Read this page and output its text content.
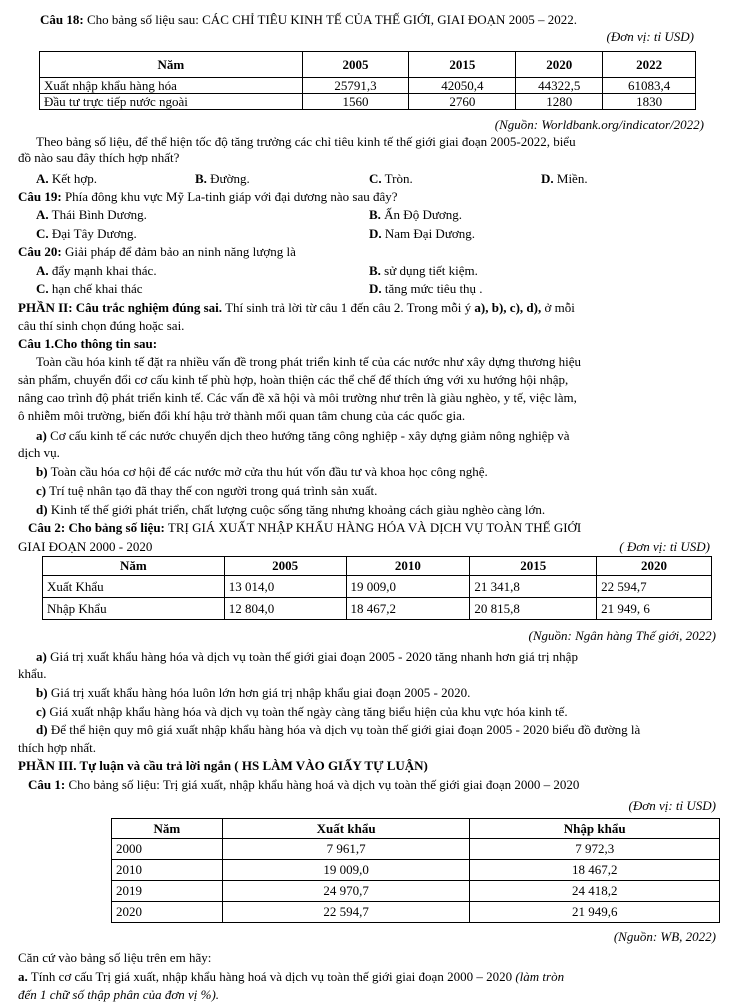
Câu 18: Cho bảng số liệu sau: CÁC CHỈ TIÊU KINH TẾ CỦA THẾ GIỚI, GIAI ĐOẠN 2005 – 2022.
(Đơn vị: tỉ USD)
Năm	2005	2015	2020	2022
Xuất nhập khẩu hàng hóa	25791,3	42050,4	44322,5	61083,4
Đầu tư trực tiếp nước ngoài	1560	2760	1280	1830
(Nguồn: Worldbank.org/indicator/2022)
Theo bảng số liệu, để thể hiện tốc độ tăng trưởng các chỉ tiêu kinh tế thế giới giai đoạn 2005-2022, biểu
đồ nào sau đây thích hợp nhất?
A. Kết hợp.	B. Đường.	C. Tròn.	D. Miền.
Câu 19: Phía đông khu vực Mỹ La-tinh giáp với đại dương nào sau đây?
A. Thái Bình Dương.	B. Ấn Độ Dương.
C. Đại Tây Dương.	D. Nam Đại Dương.
Câu 20: Giải pháp để đảm bảo an ninh năng lượng là
A. đẩy mạnh khai thác.	B. sử dụng tiết kiệm.
C. hạn chế khai thác	D. tăng mức tiêu thụ .
PHẦN II: Câu trắc nghiệm đúng sai. Thí sinh trả lời từ câu 1 đến câu 2. Trong mỗi ý a), b), c), d), ở mỗi
câu thí sinh chọn đúng hoặc sai.
Câu 1.Cho thông tin sau:
Toàn cầu hóa kinh tế đặt ra nhiều vấn đề trong phát triển kinh tế của các nước như xây dựng thương hiệu
sản phẩm, chuyển đổi cơ cấu kinh tế phù hợp, hoàn thiện các thể chế để thích ứng với xu hướng hội nhập,
nâng cao trình độ phát triển kinh tế. Các vấn đề xã hội và môi trường như trên là giàu nghèo, y tế, việc làm,
ô nhiễm môi trường, biến đổi khí hậu trở thành mối quan tâm chung của các quốc gia.
a) Cơ cấu kinh tế các nước chuyển dịch theo hướng tăng công nghiệp - xây dựng giảm nông nghiệp và
dịch vụ.
b) Toàn cầu hóa cơ hội để các nước mở cửa thu hút vốn đầu tư và khoa học công nghệ.
c) Trí tuệ nhân tạo đã thay thế con người trong quá trình sản xuất.
d) Kinh tế thế giới phát triển, chất lượng cuộc sống tăng nhưng khoảng cách giàu nghèo càng lớn.
Câu 2: Cho bảng số liệu: TRỊ GIÁ XUẤT NHẬP KHẨU HÀNG HÓA VÀ DỊCH VỤ TOÀN THẾ GIỚI
GIAI ĐOẠN 2000 - 2020	( Đơn vị: tỉ USD)
Năm	2005	2010	2015	2020
Xuất Khẩu	13 014,0	19 009,0	21 341,8	22 594,7
Nhập Khẩu	12 804,0	18 467,2	20 815,8	21 949, 6
(Nguồn: Ngân hàng Thế giới, 2022)
a) Giá trị xuất khẩu hàng hóa và dịch vụ toàn thế giới giai đoạn 2005 - 2020 tăng nhanh hơn giá trị nhập
khẩu.
b) Giá trị xuất khẩu hàng hóa luôn lớn hơn giá trị nhập khẩu giai đoạn 2005 - 2020.
c) Giá xuất nhập khẩu hàng hóa và dịch vụ toàn thế ngày càng tăng biểu hiện của khu vực hóa kinh tế.
d) Để thể hiện quy mô giá xuất nhập khẩu hàng hóa và dịch vụ toàn thế giới giai đoạn 2005 - 2020 biểu đồ đường là
thích hợp nhất.
PHẦN III. Tự luận và cầu trả lời ngắn ( HS LÀM VÀO GIẤY TỰ LUẬN)
Câu 1: Cho bảng số liệu: Trị giá xuất, nhập khẩu hàng hoá và dịch vụ toàn thế giới giai đoạn 2000 – 2020
(Đơn vị: tỉ USD)
Năm	Xuất khẩu	Nhập khẩu
2000	7 961,7	7 972,3
2010	19 009,0	18 467,2
2019	24 970,7	24 418,2
2020	22 594,7	21 949,6
(Nguồn: WB, 2022)
Căn cứ vào bảng số liệu trên em hãy:
a. Tính cơ cấu Trị giá xuất, nhập khẩu hàng hoá và dịch vụ toàn thế giới giai đoạn 2000 – 2020 (làm tròn
đến 1 chữ số thập phân của đơn vị %).
